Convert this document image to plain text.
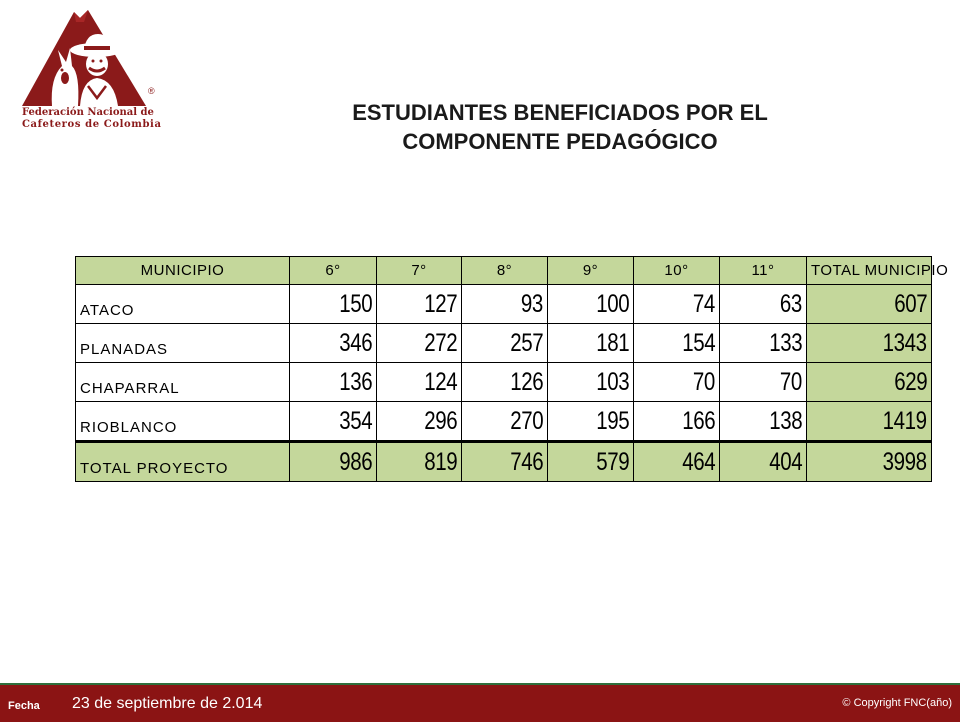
®
Federación Nacional de
Cafeteros de Colombia	ESTUDIANTES BENEFICIADOS POR EL
COMPONENTE PEDAGÓGICO
MUNICIPIO	6°	7°	8°	9°	10°	11°	TOTAL MUNICIPIO
ATACO	150	127	93	100	74	63	607
PLANADAS	346	272	257	181	154	133	1343
CHAPARRAL	136	124	126	103	70	70	629
RIOBLANCO	354	296	270	195	166	138	1419
TOTAL PROYECTO	986	819	746	579	464	404	3998
Fecha 23 de septiembre de 2.014	© Copyright FNC(año)
